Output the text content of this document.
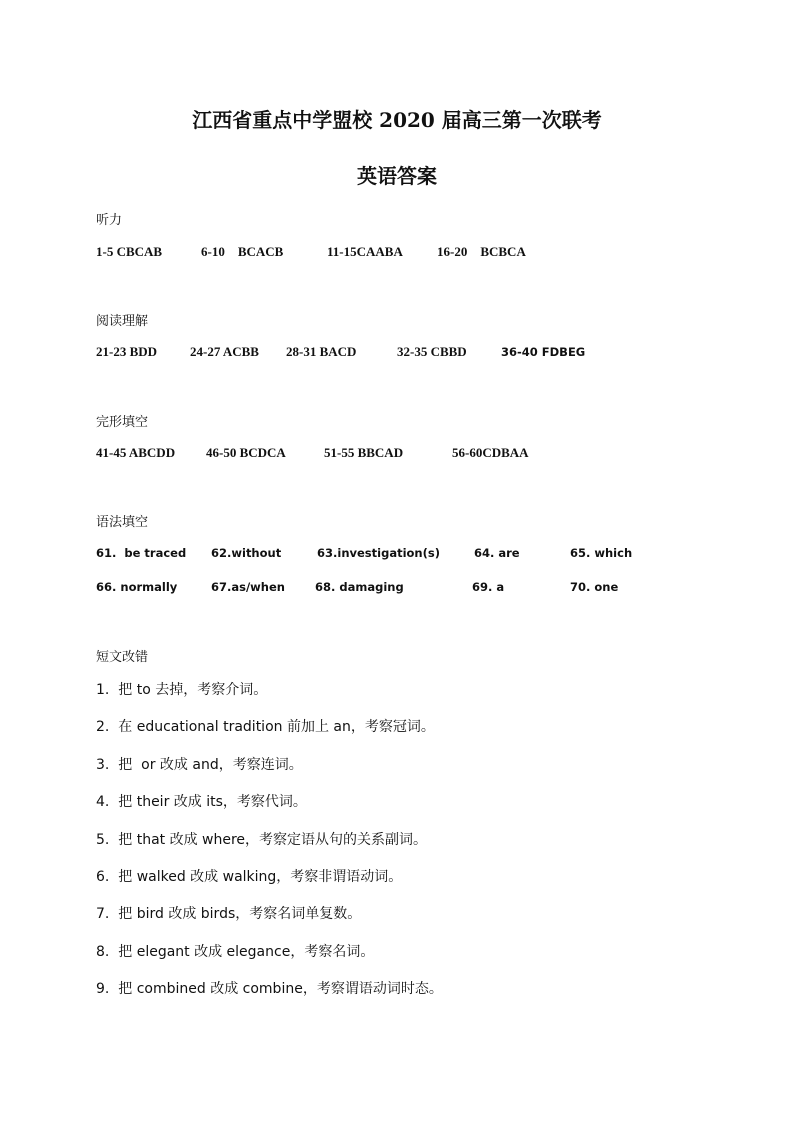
江西省重点中学盟校 2020 届高三第一次联考
英语答案
听力
1-5 CBCAB	6-10    BCACB	11-15CAABA	16-20    BCBCA
阅读理解
21-23 BDD	24-27 ACBB 28-31 BACD	32-35 CBBD	36-40 FDBEG
完形填空
41-45 ABCDD 46-50 BCDCA	51-55 BBCAD	56-60CDBAA
语法填空
61.  be traced 62.without	63.investigation(s)	64. are	65. which
66. normally	67.as/when	68. damaging	69. a	70. one
短文改错
1.  把 to 去掉，考察介词。
2.  在 educational tradition 前加上 an，考察冠词。
3.  把  or 改成 and，考察连词。
4.  把 their 改成 its，考察代词。
5.  把 that 改成 where，考察定语从句的关系副词。
6.  把 walked 改成 walking，考察非谓语动词。
7.  把 bird 改成 birds，考察名词单复数。
8.  把 elegant 改成 elegance，考察名词。
9.  把 combined 改成 combine，考察谓语动词时态。
